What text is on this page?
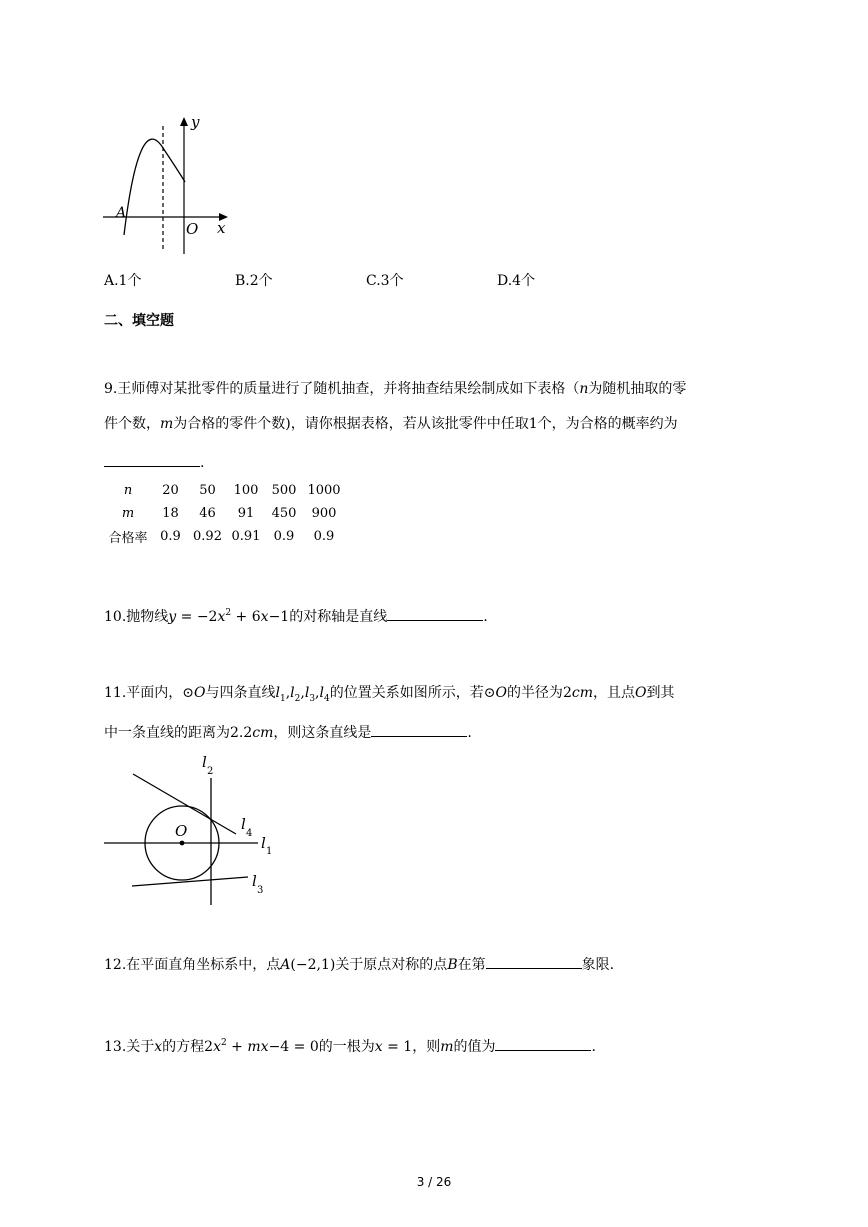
y
x
O
A
A.1个	B.2个	C.3个	D.4个
二、填空题
9.王师傅对某批零件的质量进行了随机抽查，并将抽查结果绘制成如下表格（n为随机抽取的零
件个数，m为合格的零件个数)，请你根据表格，若从该批零件中任取1个，为合格的概率约为
.
n	20	50	100	500	1000
m	18	46	91	450	900
合格率	0.9	0.92	0.91	0.9	0.9
10.抛物线$y = -2x^2 + 6x-1$的对称轴是直线	.
11.平面内，⊙O与四条直线$l_1,l_2,l_3,l_4$的位置关系如图所示，若⊙O的半径为2cm，且点O到其
中一条直线的距离为2.2cm，则这条直线是	.
O
l
2
l
4
l 1
l
3
12.在平面直角坐标系中，点A(−2,1)关于原点对称的点B在第	象限.
13.关于x的方程$2x^2 + mx-4 = 0$的一根为x = 1，则m的值为	.
3 / 26
